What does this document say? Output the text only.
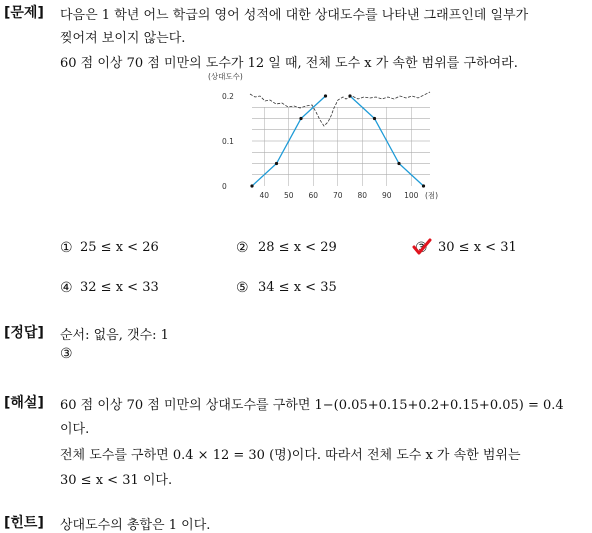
[문제] 다음은 1 학년 어느 학급의 영어 성적에 대한 상대도수를 나타낸 그래프인데 일부가
찢어져 보이지 않는다.
60 점 이상 70 점 미만의 도수가 12 일 때, 전체 도수 x 가 속한 범위를 구하여라.
(상대도수)
0.2
0.1
0
40 50 60 70 80 90 100 (점)
① 25 ≤ x < 26	② 28 ≤ x < 29	③ 30 ≤ x < 31
④ 32 ≤ x < 33	⑤ 34 ≤ x < 35
[정답] 순서: 없음, 갯수: 1
③
[해설] 60 점 이상 70 점 미만의 상대도수를 구하면 1−(0.05+0.15+0.2+0.15+0.05) = 0.4
이다.
전체 도수를 구하면 0.4 × 12 = 30 (명)이다. 따라서 전체 도수 x 가 속한 범위는
30 ≤ x < 31 이다.
[힌트] 상대도수의 총합은 1 이다.
